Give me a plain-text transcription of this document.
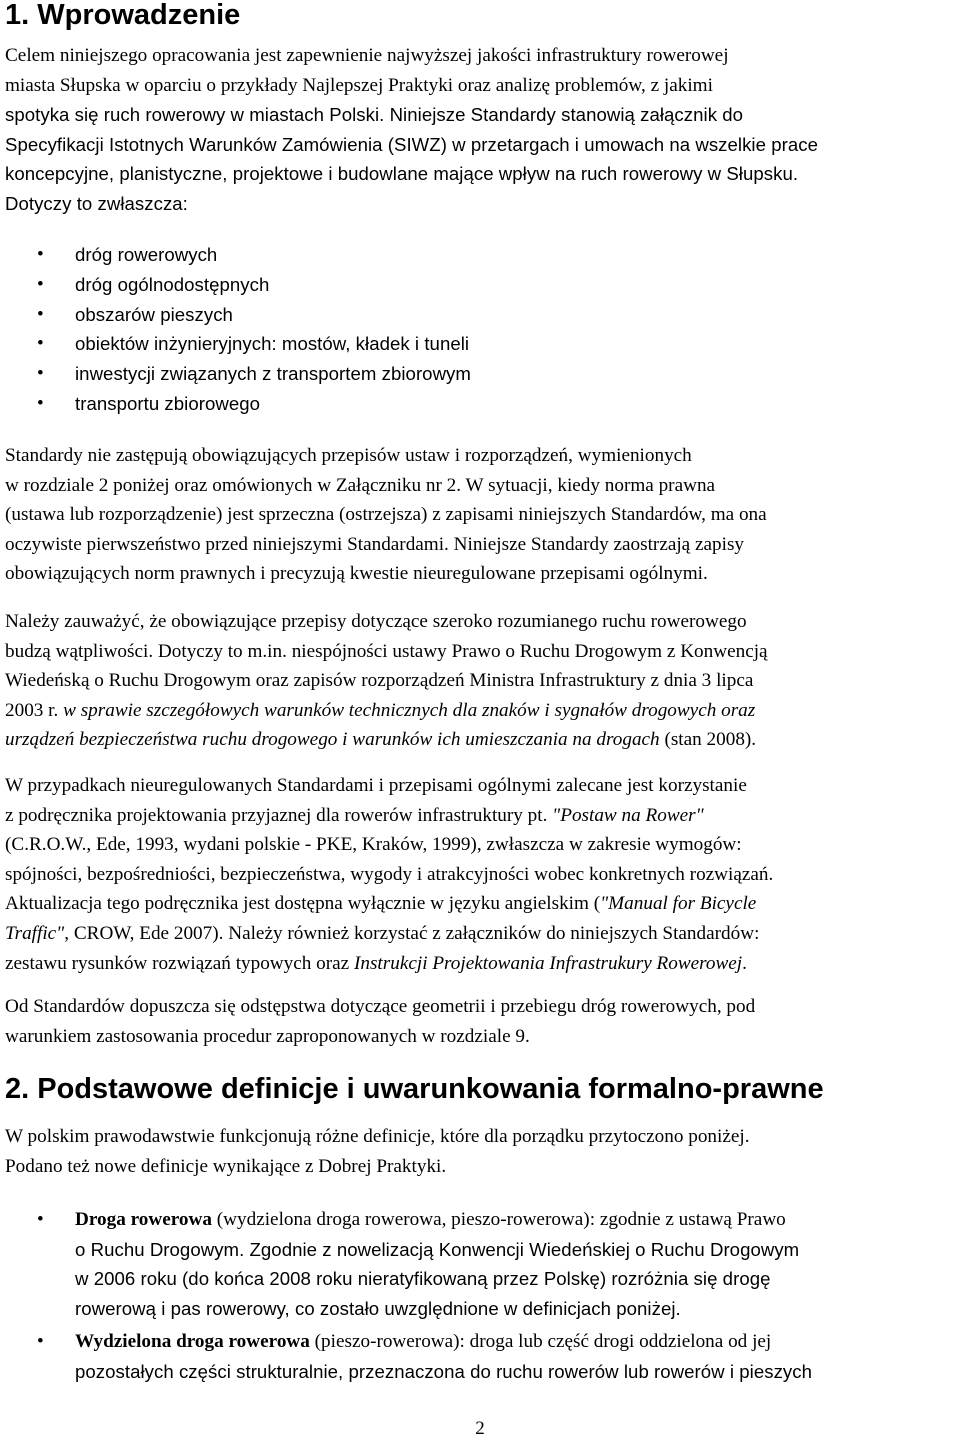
1. Wprowadzenie
Celem niniejszego opracowania jest zapewnienie najwyższej jakości infrastruktury rowerowej
miasta Słupska w oparciu o przykłady Najlepszej Praktyki oraz analizę problemów, z jakimi
spotyka się ruch rowerowy w miastach Polski. Niniejsze Standardy stanowią załącznik do
Specyfikacji Istotnych Warunków Zamówienia (SIWZ) w przetargach i umowach na wszelkie prace
koncepcyjne, planistyczne, projektowe i budowlane mające wpływ na ruch rowerowy w Słupsku.
Dotyczy to zwłaszcza:
• dróg rowerowych
• dróg ogólnodostępnych
• obszarów pieszych
• obiektów inżynieryjnych: mostów, kładek i tuneli
• inwestycji związanych z transportem zbiorowym
• transportu zbiorowego
Standardy nie zastępują obowiązujących przepisów ustaw i rozporządzeń, wymienionych
w rozdziale 2 poniżej oraz omówionych w Załączniku nr 2. W sytuacji, kiedy norma prawna
(ustawa lub rozporządzenie) jest sprzeczna (ostrzejsza) z zapisami niniejszych Standardów, ma ona
oczywiste pierwszeństwo przed niniejszymi Standardami. Niniejsze Standardy zaostrzają zapisy
obowiązujących norm prawnych i precyzują kwestie nieuregulowane przepisami ogólnymi.
Należy zauważyć, że obowiązujące przepisy dotyczące szeroko rozumianego ruchu rowerowego
budzą wątpliwości. Dotyczy to m.in. niespójności ustawy Prawo o Ruchu Drogowym z Konwencją
Wiedeńską o Ruchu Drogowym oraz zapisów rozporządzeń Ministra Infrastruktury z dnia 3 lipca
2003 r. w sprawie szczegółowych warunków technicznych dla znaków i sygnałów drogowych oraz
urządzeń bezpieczeństwa ruchu drogowego i warunków ich umieszczania na drogach (stan 2008).
W przypadkach nieuregulowanych Standardami i przepisami ogólnymi zalecane jest korzystanie
z podręcznika projektowania przyjaznej dla rowerów infrastruktury pt. "Postaw na Rower"
(C.R.O.W., Ede, 1993, wydani polskie - PKE, Kraków, 1999), zwłaszcza w zakresie wymogów:
spójności, bezpośredniości, bezpieczeństwa, wygody i atrakcyjności wobec konkretnych rozwiązań.
Aktualizacja tego podręcznika jest dostępna wyłącznie w języku angielskim ("Manual for Bicycle
Traffic", CROW, Ede 2007). Należy również korzystać z załączników do niniejszych Standardów:
zestawu rysunków rozwiązań typowych oraz Instrukcji Projektowania Infrastrukury Rowerowej.
Od Standardów dopuszcza się odstępstwa dotyczące geometrii i przebiegu dróg rowerowych, pod
warunkiem zastosowania procedur zaproponowanych w rozdziale 9.
2. Podstawowe definicje i uwarunkowania formalno-prawne
W polskim prawodawstwie funkcjonują różne definicje, które dla porządku przytoczono poniżej.
Podano też nowe definicje wynikające z Dobrej Praktyki.
• Droga rowerowa (wydzielona droga rowerowa, pieszo-rowerowa): zgodnie z ustawą Prawo
o Ruchu Drogowym. Zgodnie z nowelizacją Konwencji Wiedeńskiej o Ruchu Drogowym
w 2006 roku (do końca 2008 roku nieratyfikowaną przez Polskę) rozróżnia się drogę
rowerową i pas rowerowy, co zostało uwzględnione w definicjach poniżej.
• Wydzielona droga rowerowa (pieszo-rowerowa): droga lub część drogi oddzielona od jej
pozostałych części strukturalnie, przeznaczona do ruchu rowerów lub rowerów i pieszych
2
